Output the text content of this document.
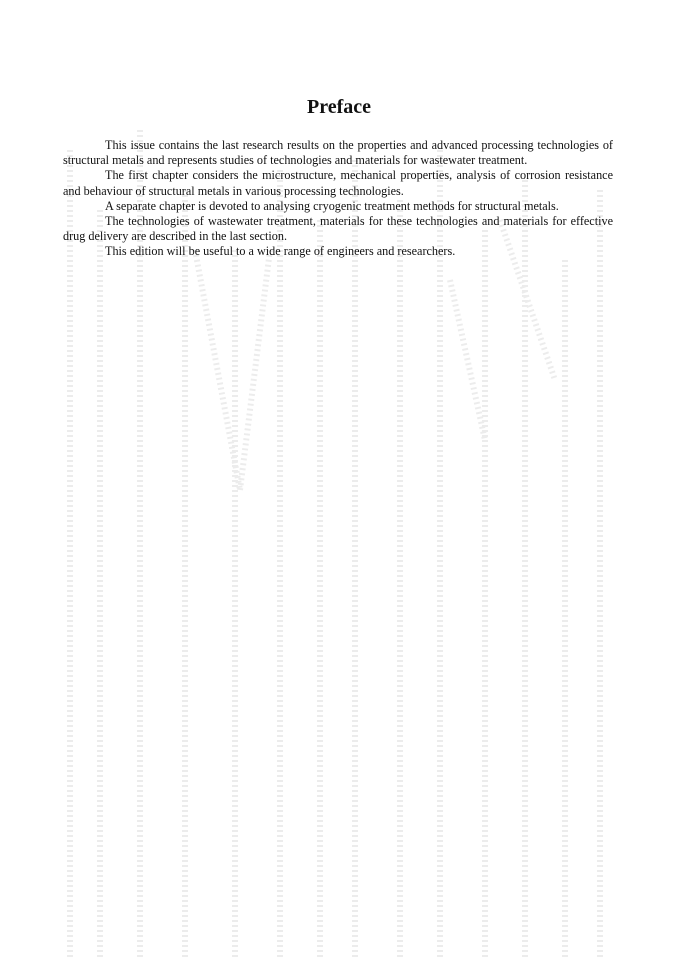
Preface

This issue contains the last research results on the properties and advanced processing technologies of structural metals and represents studies of technologies and materials for wastewater treatment.

The first chapter considers the microstructure, mechanical properties, analysis of corrosion resistance and behaviour of structural metals in various processing technologies.

A separate chapter is devoted to analysing cryogenic treatment methods for structural metals.

The technologies of wastewater treatment, materials for these technologies and materials for effective drug delivery are described in the last section.

This edition will be useful to a wide range of engineers and researchers.
